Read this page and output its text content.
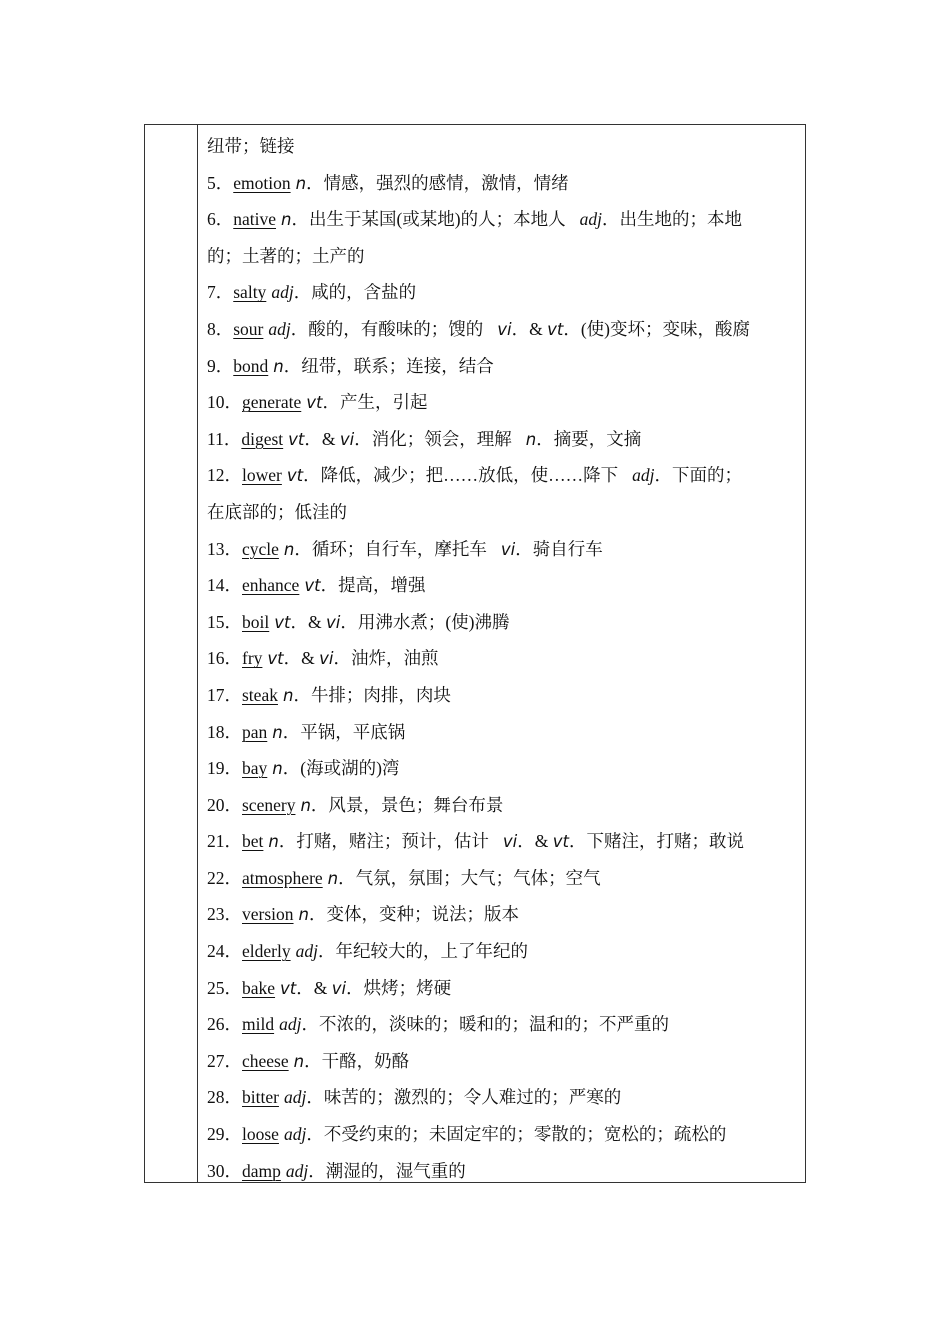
纽带；链接
5．emotion n．情感，强烈的感情，激情，情绪
6．native n．出生于某国(或某地)的人；本地人 adj．出生地的；本地
的；土著的；土产的
7．salty adj．咸的，含盐的
8．sour adj．酸的，有酸味的；馊的 vi．& vt．(使)变坏；变味，酸腐
9．bond n．纽带，联系；连接，结合
10．generate vt．产生，引起
11．digest vt．& vi．消化；领会，理解 n．摘要，文摘
12．lower vt．降低，减少；把……放低，使……降下 adj．下面的；
在底部的；低洼的
13．cycle n．循环；自行车，摩托车 vi．骑自行车
14．enhance vt．提高，增强
15．boil vt．& vi．用沸水煮；(使)沸腾
16．fry vt．& vi．油炸，油煎
17．steak n．牛排；肉排，肉块
18．pan n．平锅，平底锅
19．bay n．(海或湖的)湾
20．scenery n．风景，景色；舞台布景
21．bet n．打赌，赌注；预计，估计 vi．& vt．下赌注，打赌；敢说
22．atmosphere n．气氛，氛围；大气；气体；空气
23．version n．变体，变种；说法；版本
24．elderly adj．年纪较大的，上了年纪的
25．bake vt．& vi．烘烤；烤硬
26．mild adj．不浓的，淡味的；暖和的；温和的；不严重的
27．cheese n．干酪，奶酪
28．bitter adj．味苦的；激烈的；令人难过的；严寒的
29．loose adj．不受约束的；未固定牢的；零散的；宽松的；疏松的
30．damp adj．潮湿的，湿气重的
